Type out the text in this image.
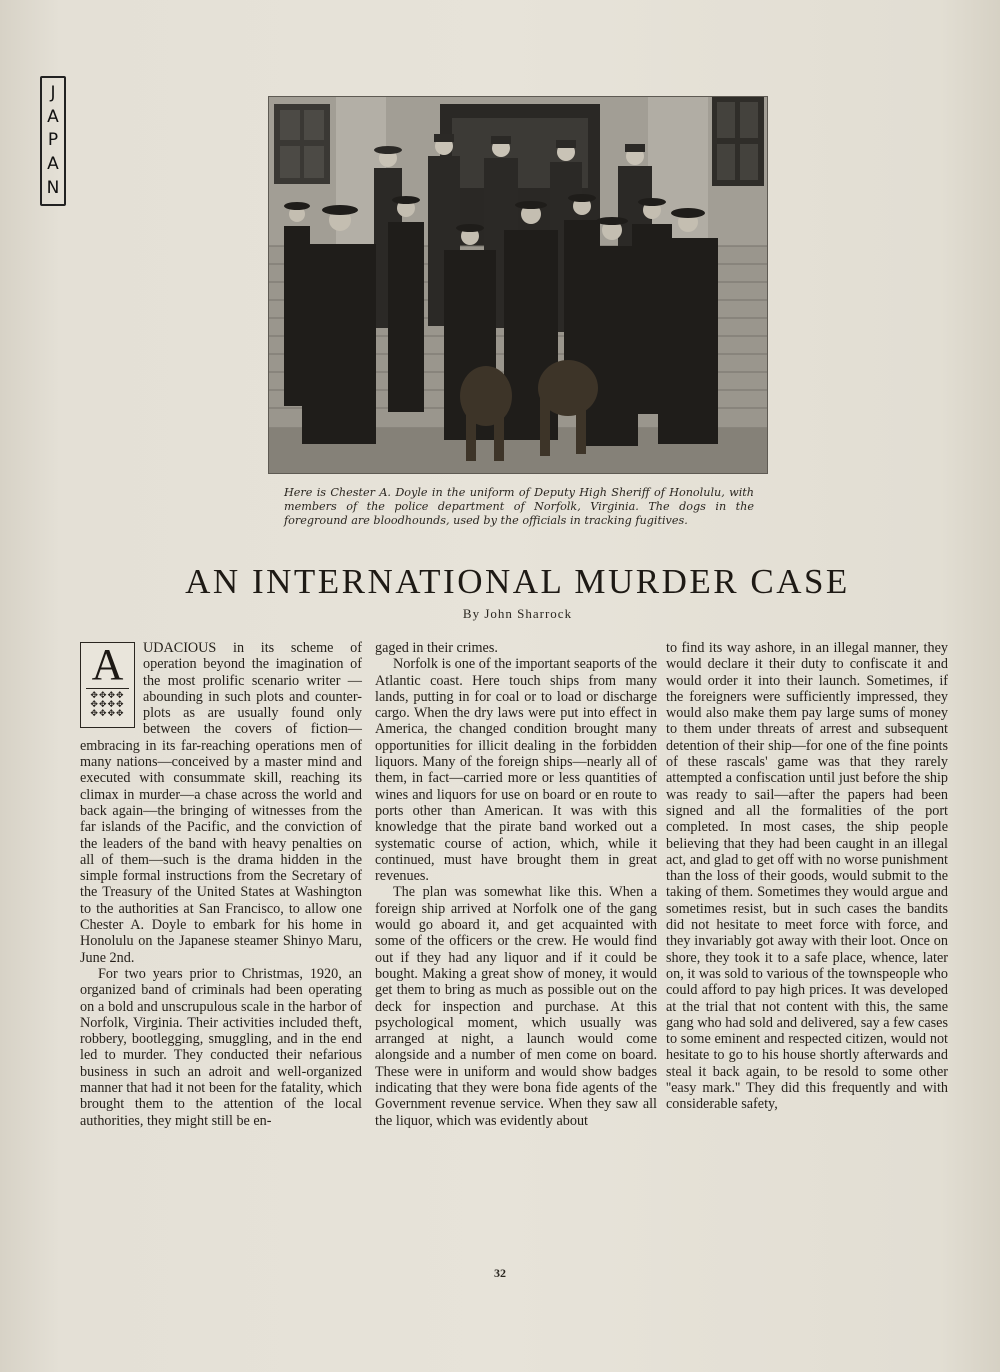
J
A
P
A
N
Here is Chester A. Doyle in the uniform of Deputy High Sheriff of Honolulu, with members of the police department of Norfolk, Virginia. The dogs in the foreground are bloodhounds, used by the officials in tracking fugitives.
AN INTERNATIONAL MURDER CASE
By John Sharrock
A
✥✥✥✥
✥✥✥✥
✥✥✥✥

UDACIOUS in its scheme of operation beyond the imagination of the most prolific scenario writer — abounding in such plots and counter-plots as are usually found only between the covers of fiction—embracing in its far-reaching operations men of many nations—conceived by a master mind and executed with consummate skill, reaching its climax in murder—a chase across the world and back again—the bringing of witnesses from the far islands of the Pacific, and the conviction of the leaders of the band with heavy penalties on all of them—such is the drama hidden in the simple formal instructions from the Secretary of the Treasury of the United States at Washington to the authorities at San Francisco, to allow one Chester A. Doyle to embark for his home in Honolulu on the Japanese steamer Shinyo Maru, June 2nd.

For two years prior to Christmas, 1920, an organized band of criminals had been operating on a bold and unscrupulous scale in the harbor of Norfolk, Virginia. Their activities included theft, robbery, bootlegging, smuggling, and in the end led to murder. They conducted their nefarious business in such an adroit and well-organized manner that had it not been for the fatality, which brought them to the attention of the local authorities, they might still be en-

gaged in their crimes.

Norfolk is one of the important seaports of the Atlantic coast. Here touch ships from many lands, putting in for coal or to load or discharge cargo. When the dry laws were put into effect in America, the changed condition brought many opportunities for illicit dealing in the forbidden liquors. Many of the foreign ships—nearly all of them, in fact—carried more or less quantities of wines and liquors for use on board or en route to ports other than American. It was with this knowledge that the pirate band worked out a systematic course of action, which, while it continued, must have brought them in great revenues.

The plan was somewhat like this. When a foreign ship arrived at Norfolk one of the gang would go aboard it, and get acquainted with some of the officers or the crew. He would find out if they had any liquor and if it could be bought. Making a great show of money, it would get them to bring as much as possible out on the deck for inspection and purchase. At this psychological moment, which usually was arranged at night, a launch would come alongside and a number of men come on board. These were in uniform and would show badges indicating that they were bona fide agents of the Government revenue service. When they saw all the liquor, which was evidently about

to find its way ashore, in an illegal manner, they would declare it their duty to confiscate it and would order it into their launch. Sometimes, if the foreigners were sufficiently impressed, they would also make them pay large sums of money to them under threats of arrest and subsequent detention of their ship—for one of the fine points of these rascals' game was that they rarely attempted a confiscation until just before the ship was ready to sail—after the papers had been signed and all the formalities of the port completed. In most cases, the ship people believing that they had been caught in an illegal act, and glad to get off with no worse punishment than the loss of their goods, would submit to the taking of them. Sometimes they would argue and sometimes resist, but in such cases the bandits did not hesitate to meet force with force, and they invariably got away with their loot. Once on shore, they took it to a safe place, whence, later on, it was sold to various of the townspeople who could afford to pay high prices. It was developed at the trial that not content with this, the same gang who had sold and delivered, say a few cases to some eminent and respected citizen, would not hesitate to go to his house shortly afterwards and steal it back again, to be resold to some other ''easy mark.'' They did this frequently and with considerable safety,

32
